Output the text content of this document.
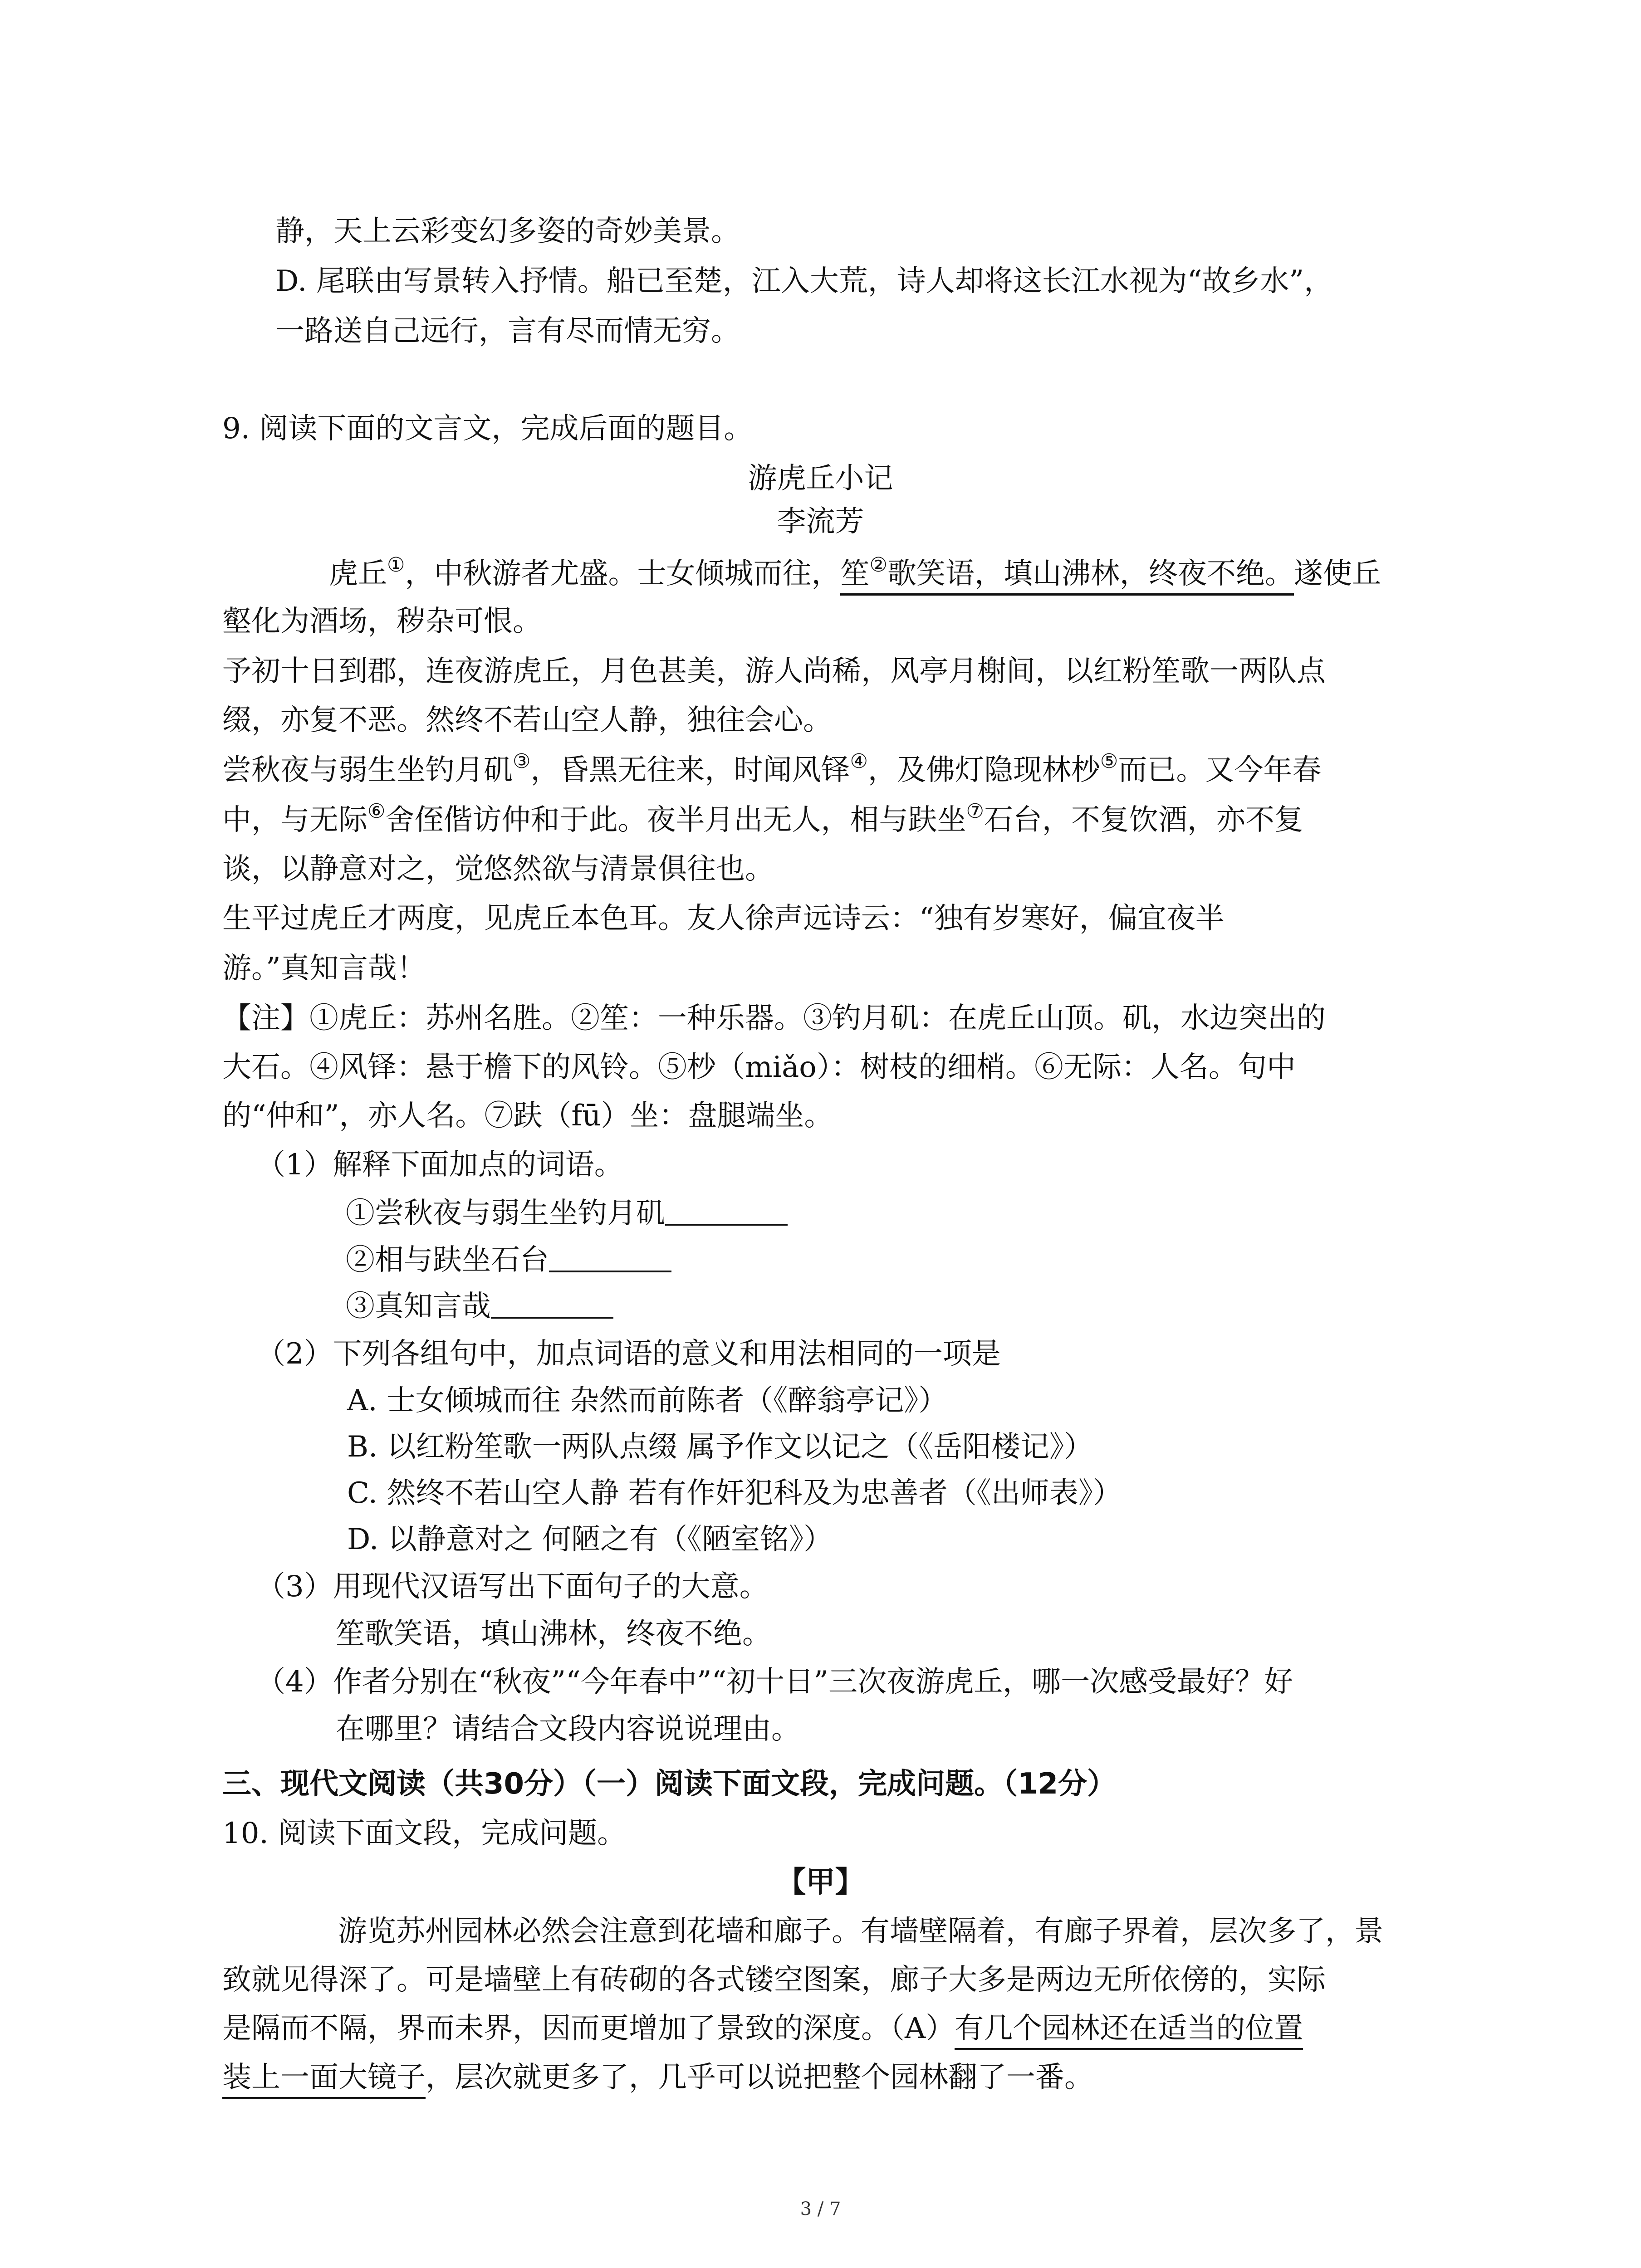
静，天上云彩变幻多姿的奇妙美景。
D. 尾联由写景转入抒情。船已至楚，江入大荒，诗人却将这长江水视为“故乡水”，
一路送自己远行，言有尽而情无穷。
9. 阅读下面的文言文，完成后面的题目。
游虎丘小记
李流芳
虎丘①，中秋游者尤盛。士女倾城而往，笙②歌笑语，填山沸林，终夜不绝。遂使丘
壑化为酒场，秽杂可恨。
予初十日到郡，连夜游虎丘，月色甚美，游人尚稀，风亭月榭间，以红粉笙歌一两队点
缀，亦复不恶。然终不若山空人静，独往会心。
尝秋夜与弱生坐钓月矶③，昏黑无往来，时闻风铎④，及佛灯隐现林杪⑤而已。又今年春
中，与无际⑥舍侄偕访仲和于此。夜半月出无人，相与趺坐⑦石台，不复饮酒，亦不复
谈，以静意对之，觉悠然欲与清景俱往也。
生平过虎丘才两度，见虎丘本色耳。友人徐声远诗云：“独有岁寒好，偏宜夜半
游。”真知言哉！
【注】①虎丘：苏州名胜。②笙：一种乐器。③钓月矶：在虎丘山顶。矶，水边突出的
大石。④风铎：悬于檐下的风铃。⑤杪（miǎo）：树枝的细梢。⑥无际：人名。句中
的“仲和”，亦人名。⑦趺（fū）坐：盘腿端坐。
（1）解释下面加点的词语。
①尝秋夜与弱生坐钓月矶
②相与趺坐石台
③真知言哉
（2）下列各组句中，加点词语的意义和用法相同的一项是
A. 士女倾城而往 杂然而前陈者（《醉翁亭记》）
B. 以红粉笙歌一两队点缀 属予作文以记之（《岳阳楼记》）
C. 然终不若山空人静 若有作奸犯科及为忠善者（《出师表》）
D. 以静意对之 何陋之有（《陋室铭》）
（3）用现代汉语写出下面句子的大意。
笙歌笑语，填山沸林，终夜不绝。
（4）作者分别在“秋夜”“今年春中”“初十日”三次夜游虎丘，哪一次感受最好？好
在哪里？请结合文段内容说说理由。
三、现代文阅读（共30分）（一）阅读下面文段，完成问题。（12分）
10. 阅读下面文段，完成问题。
【甲】
游览苏州园林必然会注意到花墙和廊子。有墙壁隔着，有廊子界着，层次多了，景
致就见得深了。可是墙壁上有砖砌的各式镂空图案，廊子大多是两边无所依傍的，实际
是隔而不隔，界而未界，因而更增加了景致的深度。（A）有几个园林还在适当的位置
装上一面大镜子，层次就更多了，几乎可以说把整个园林翻了一番。
3 / 7
